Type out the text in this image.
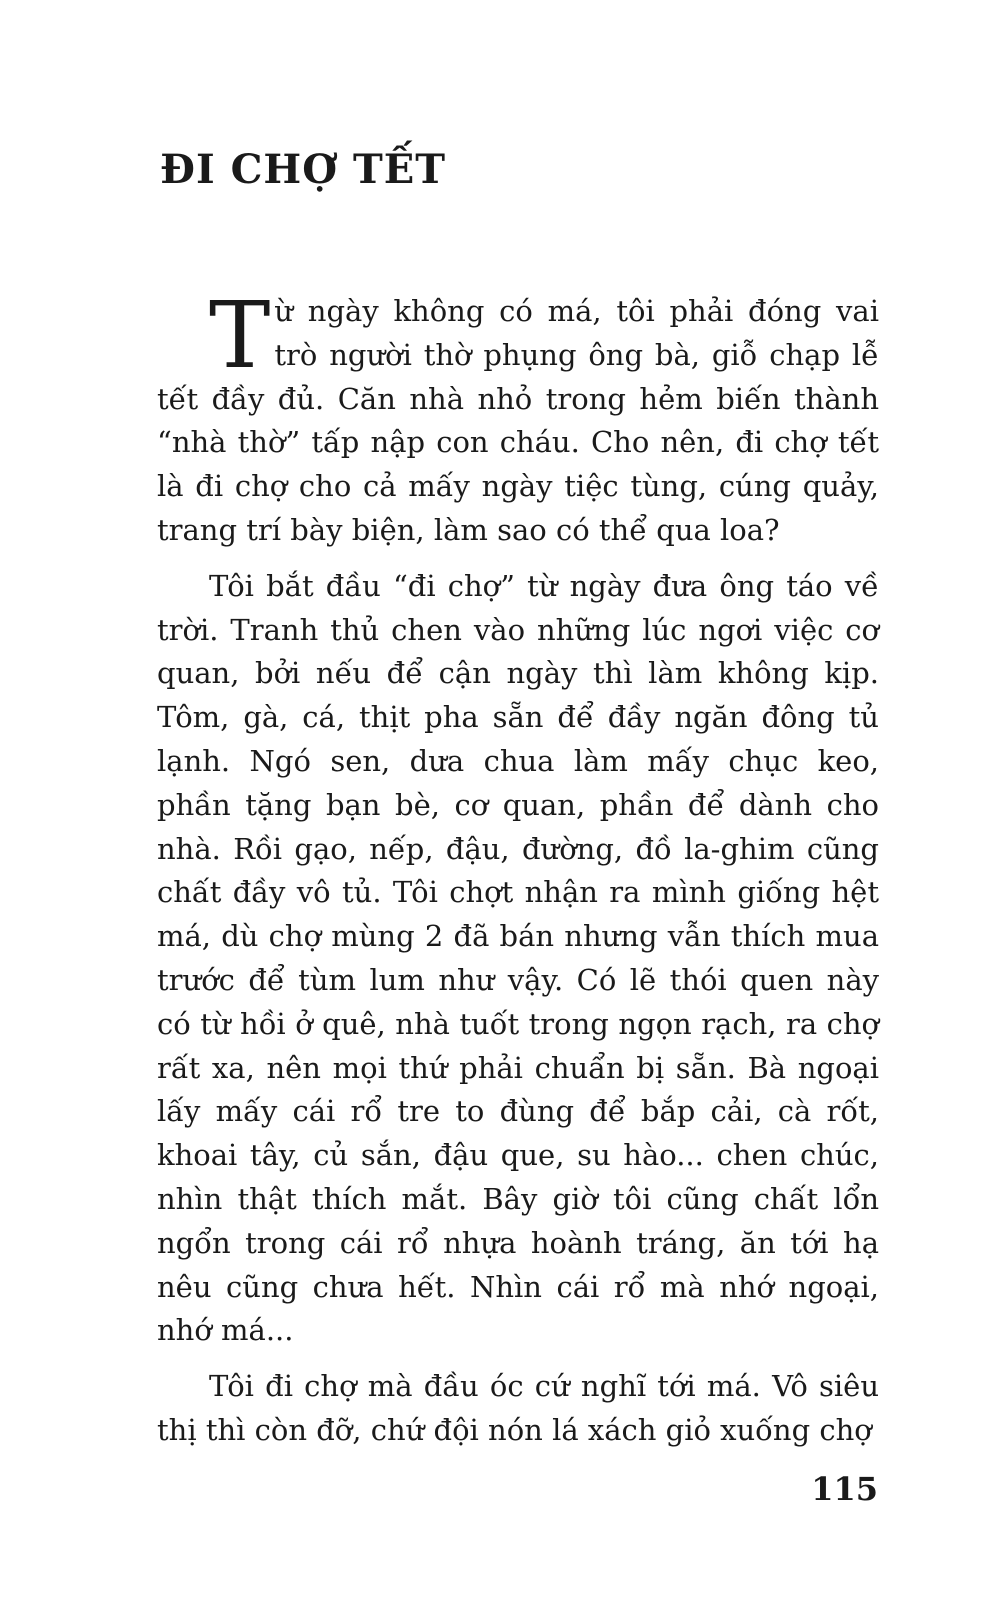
ĐI CHỢ TẾT

Từ ngày không có má, tôi phải đóng vai trò người thờ phụng ông bà, giỗ chạp lễ tết đầy đủ. Căn nhà nhỏ trong hẻm biến thành “nhà thờ” tấp nập con cháu. Cho nên, đi chợ tết là đi chợ cho cả mấy ngày tiệc tùng, cúng quảy, trang trí bày biện, làm sao có thể qua loa?

Tôi bắt đầu “đi chợ” từ ngày đưa ông táo về trời. Tranh thủ chen vào những lúc ngơi việc cơ quan, bởi nếu để cận ngày thì làm không kịp. Tôm, gà, cá, thịt pha sẵn để đầy ngăn đông tủ lạnh. Ngó sen, dưa chua làm mấy chục keo, phần tặng bạn bè, cơ quan, phần để dành cho nhà. Rồi gạo, nếp, đậu, đường, đồ la-ghim cũng chất đầy vô tủ. Tôi chợt nhận ra mình giống hệt má, dù chợ mùng 2 đã bán nhưng vẫn thích mua trước để tùm lum như vậy. Có lẽ thói quen này có từ hồi ở quê, nhà tuốt trong ngọn rạch, ra chợ rất xa, nên mọi thứ phải chuẩn bị sẵn. Bà ngoại lấy mấy cái rổ tre to đùng để bắp cải, cà rốt, khoai tây, củ sắn, đậu que, su hào... chen chúc, nhìn thật thích mắt. Bây giờ tôi cũng chất lổn ngổn trong cái rổ nhựa hoành tráng, ăn tới hạ nêu cũng chưa hết. Nhìn cái rổ mà nhớ ngoại, nhớ má...

Tôi đi chợ mà đầu óc cứ nghĩ tới má. Vô siêu thị thì còn đỡ, chứ đội nón lá xách giỏ xuống chợ

115
